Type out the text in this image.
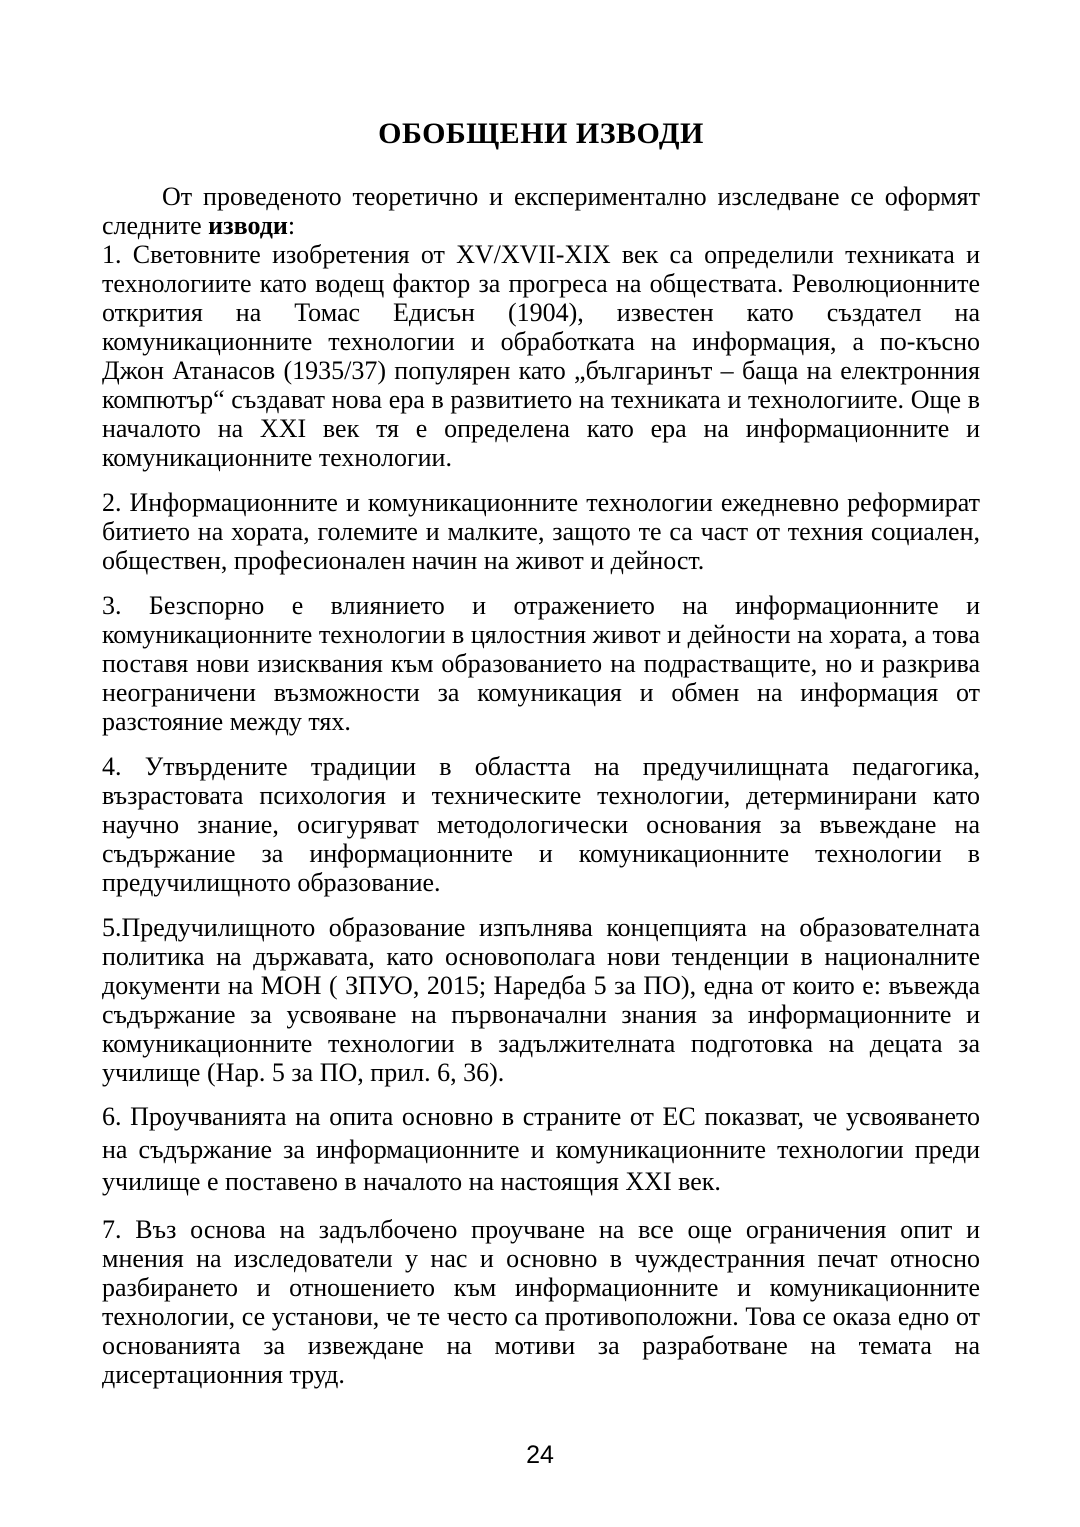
ОБОБЩЕНИ ИЗВОДИ

От проведеното теоретично и експериментално изследване се оформят следните изводи:

1. Световните изобретения от XV/XVII-XIX век са определили техниката и технологиите като водещ фактор за прогреса на обществата. Революционните открития на Томас Едисън (1904), известен като създател на комуникационните технологии и обработката на информация, а по-късно Джон Атанасов (1935/37) популярен като „българинът – баща на електронния компютър“ създават нова ера в развитието на техниката и технологиите. Още в началото на XXI век тя е определена като ера на информационните и комуникационните технологии.

2. Информационните и комуникационните технологии ежедневно реформират битието на хората, големите и малките, защото те са част от техния социален, обществен, професионален начин на живот и дейност.

3. Безспорно е влиянието и отражението на информационните и комуникационните технологии в цялостния живот и дейности на хората, а това поставя нови изисквания към образованието на подрастващите, но и разкрива неограничени възможности за комуникация и обмен на информация от разстояние между тях.

4. Утвърдените традиции в областта на предучилищната педагогика, възрастовата психология и техническите технологии, детерминирани като научно знание, осигуряват методологически основания за въвеждане на съдържание за информационните и комуникационните технологии в предучилищното образование.

5.Предучилищното образование изпълнява концепцията на образователната политика на държавата, като основополага нови тенденции в националните документи на МОН ( ЗПУО, 2015; Наредба 5 за ПО), една от които е: въвежда съдържание за усвояване на първоначални знания за информационните и комуникационните технологии в задължителната подготовка на децата за училище (Нар. 5 за ПО, прил. 6, 36).

6. Проучванията на опита основно в страните от ЕС показват, че усвояването на съдържание за информационните и комуникационните технологии преди училище е поставено в началото на настоящия XXI век.

7. Въз основа на задълбочено проучване на все още ограничения опит и мнения на изследователи у нас и основно в чуждестранния печат относно разбирането и отношението към информационните и комуникационните технологии, се установи, че те често са противоположни. Това се оказа едно от основанията за извеждане на мотиви за разработване на темата на дисертационния труд.

24
